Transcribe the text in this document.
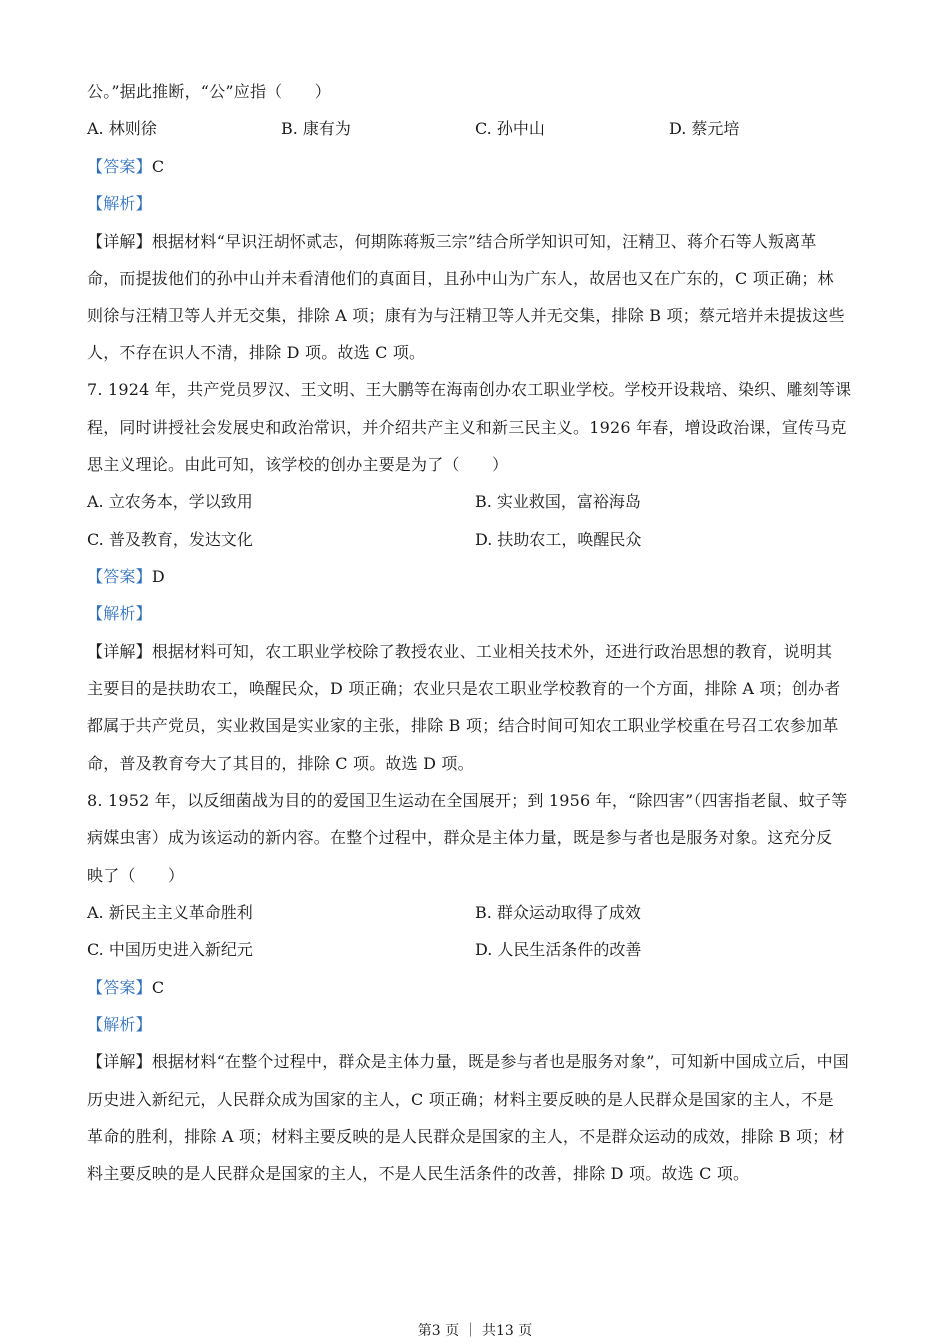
公。”据此推断，“公”应指（　　）
A. 林则徐	B. 康有为	C. 孙中山	D. 蔡元培
【答案】C
【解析】
【详解】根据材料“早识汪胡怀贰志，何期陈蒋叛三宗”结合所学知识可知，汪精卫、蒋介石等人叛离革
命，而提拔他们的孙中山并未看清他们的真面目，且孙中山为广东人，故居也又在广东的，C 项正确；林
则徐与汪精卫等人并无交集，排除 A 项；康有为与汪精卫等人并无交集，排除 B 项；蔡元培并未提拔这些
人，不存在识人不清，排除 D 项。故选 C 项。
7. 1924 年，共产党员罗汉、王文明、王大鹏等在海南创办农工职业学校。学校开设栽培、染织、雕刻等课
程，同时讲授社会发展史和政治常识，并介绍共产主义和新三民主义。1926 年春，增设政治课，宣传马克
思主义理论。由此可知，该学校的创办主要是为了（　　）
A. 立农务本，学以致用	B. 实业救国，富裕海岛
C. 普及教育，发达文化	D. 扶助农工，唤醒民众
【答案】D
【解析】
【详解】根据材料可知，农工职业学校除了教授农业、工业相关技术外，还进行政治思想的教育，说明其
主要目的是扶助农工，唤醒民众，D 项正确；农业只是农工职业学校教育的一个方面，排除 A 项；创办者
都属于共产党员，实业救国是实业家的主张，排除 B 项；结合时间可知农工职业学校重在号召工农参加革
命，普及教育夸大了其目的，排除 C 项。故选 D 项。
8. 1952 年，以反细菌战为目的的爱国卫生运动在全国展开；到 1956 年，“除四害”（四害指老鼠、蚊子等
病媒虫害）成为该运动的新内容。在整个过程中，群众是主体力量，既是参与者也是服务对象。这充分反
映了（　　）
A. 新民主主义革命胜利	B. 群众运动取得了成效
C. 中国历史进入新纪元	D. 人民生活条件的改善
【答案】C
【解析】
【详解】根据材料“在整个过程中，群众是主体力量，既是参与者也是服务对象”，可知新中国成立后，中国
历史进入新纪元，人民群众成为国家的主人，C 项正确；材料主要反映的是人民群众是国家的主人，不是
革命的胜利，排除 A 项；材料主要反映的是人民群众是国家的主人，不是群众运动的成效，排除 B 项；材
料主要反映的是人民群众是国家的主人，不是人民生活条件的改善，排除 D 项。故选 C 项。
第3 页 ｜ 共13 页
